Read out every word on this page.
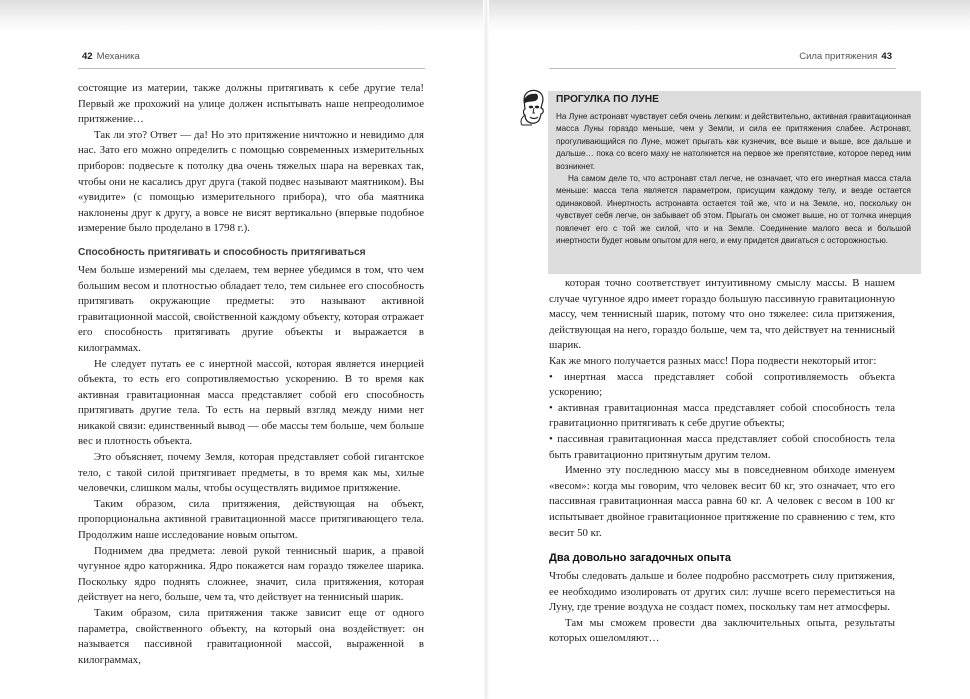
42 Механика	Сила притяжения 43

состоящие из материи, также должны притягивать к себе другие тела! Первый же прохожий на улице должен испытывать наше непреодолимое притяжение…

Так ли это? Ответ — да! Но это притяжение ничтожно и невидимо для нас. Зато его можно определить с помощью современных измерительных приборов: подвесьте к потолку два очень тяжелых шара на веревках так, чтобы они не касались друг друга (такой подвес называют маятником). Вы «увидите» (с помощью измерительного прибора), что оба маятника наклонены друг к другу, а вовсе не висят вертикально (впервые подобное измерение было проделано в 1798 г.).

Способность притягивать и способность притягиваться

Чем больше измерений мы сделаем, тем вернее убедимся в том, что чем большим весом и плотностью обладает тело, тем сильнее его способность притягивать окружающие предметы: это называют активной гравитационной массой, свойственной каждому объекту, которая отражает его способность притягивать другие объекты и выражается в килограммах.

Не следует путать ее с инертной массой, которая является инерцией объекта, то есть его сопротивляемостью ускорению. В то время как активная гравитационная масса представляет собой его способность притягивать другие тела. То есть на первый взгляд между ними нет никакой связи: единственный вывод — обе массы тем больше, чем больше вес и плотность объекта.

Это объясняет, почему Земля, которая представляет собой гигантское тело, с такой силой притягивает предметы, в то время как мы, хилые человечки, слишком малы, чтобы осуществлять видимое притяжение.

Таким образом, сила притяжения, действующая на объект, пропорциональна активной гравитационной массе притягивающего тела. Продолжим наше исследование новым опытом.

Поднимем два предмета: левой рукой теннисный шарик, а правой чугунное ядро каторжника. Ядро покажется нам гораздо тяжелее шарика. Поскольку ядро поднять сложнее, значит, сила притяжения, которая действует на него, больше, чем та, что действует на теннисный шарик.

Таким образом, сила притяжения также зависит еще от одного параметра, свойственного объекту, на который она воздействует: он называется пассивной гравитационной массой, выраженной в килограммах,

ПРОГУЛКА ПО ЛУНЕ

На Луне астронавт чувствует себя очень легким: и действительно, активная гравитационная масса Луны гораздо меньше, чем у Земли, и сила ее притяжения слабее. Астронавт, прогуливающийся по Луне, может прыгать как кузнечик, все выше и выше, все дальше и дальше… пока со всего маху не натолкнется на первое же препятствие, которое перед ним возникнет.

На самом деле то, что астронавт стал легче, не означает, что его инертная масса стала меньше: масса тела является параметром, присущим каждому телу, и везде остается одинаковой. Инертность астронавта остается той же, что и на Земле, но, поскольку он чувствует себя легче, он забывает об этом. Прыгать он сможет выше, но от толчка инерция повлечет его с той же силой, что и на Земле. Соединение малого веса и большой инертности будет новым опытом для него, и ему придется двигаться с осторожностью.

которая точно соответствует интуитивному смыслу массы. В нашем случае чугунное ядро имеет гораздо большую пассивную гравитационную массу, чем теннисный шарик, потому что оно тяжелее: сила притяжения, действующая на него, гораздо больше, чем та, что действует на теннисный шарик.

Как же много получается разных масс! Пора подвести некоторый итог:

• инертная масса представляет собой сопротивляемость объекта ускорению;

• активная гравитационная масса представляет собой способность тела гравитационно притягивать к себе другие объекты;

• пассивная гравитационная масса представляет собой способность тела быть гравитационно притянутым другим телом.

Именно эту последнюю массу мы в повседневном обиходе именуем «весом»: когда мы говорим, что человек весит 60 кг, это означает, что его пассивная гравитационная масса равна 60 кг. А человек с весом в 100 кг испытывает двойное гравитационное притяжение по сравнению с тем, кто весит 50 кг.

Два довольно загадочных опыта

Чтобы следовать дальше и более подробно рассмотреть силу притяжения, ее необходимо изолировать от других сил: лучше всего переместиться на Луну, где трение воздуха не создаст помех, поскольку там нет атмосферы.

Там мы сможем провести два заключительных опыта, результаты которых ошеломляют…
